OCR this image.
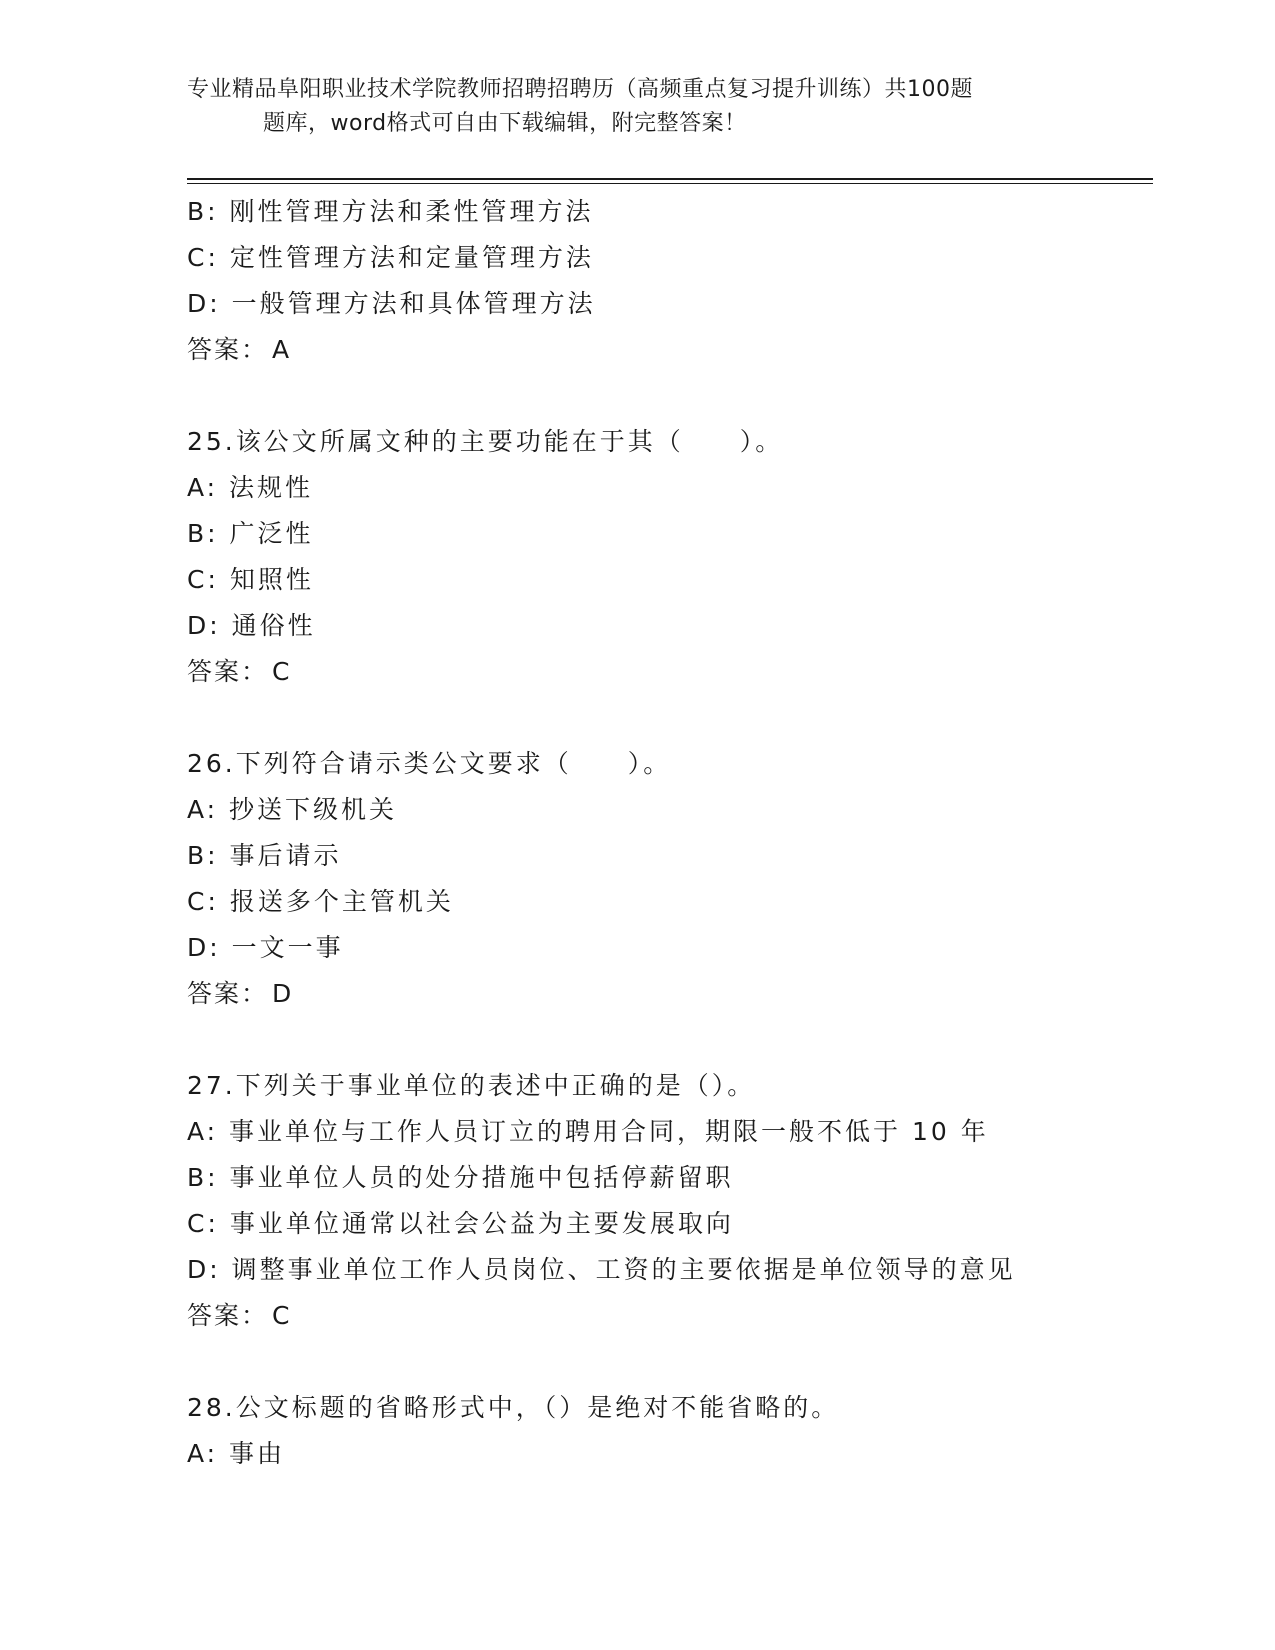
专业精品阜阳职业技术学院教师招聘招聘历（高频重点复习提升训练）共100题
题库，word格式可自由下载编辑，附完整答案！
B: 刚性管理方法和柔性管理方法
C: 定性管理方法和定量管理方法
D: 一般管理方法和具体管理方法
答案： A
25.该公文所属文种的主要功能在于其（　　）。
A: 法规性
B: 广泛性
C: 知照性
D: 通俗性
答案： C
26.下列符合请示类公文要求（　　）。
A: 抄送下级机关
B: 事后请示
C: 报送多个主管机关
D: 一文一事
答案： D
27.下列关于事业单位的表述中正确的是（）。
A: 事业单位与工作人员订立的聘用合同，期限一般不低于 10 年
B: 事业单位人员的处分措施中包括停薪留职
C: 事业单位通常以社会公益为主要发展取向
D: 调整事业单位工作人员岗位、工资的主要依据是单位领导的意见
答案： C
28.公文标题的省略形式中，（）是绝对不能省略的。
A: 事由
